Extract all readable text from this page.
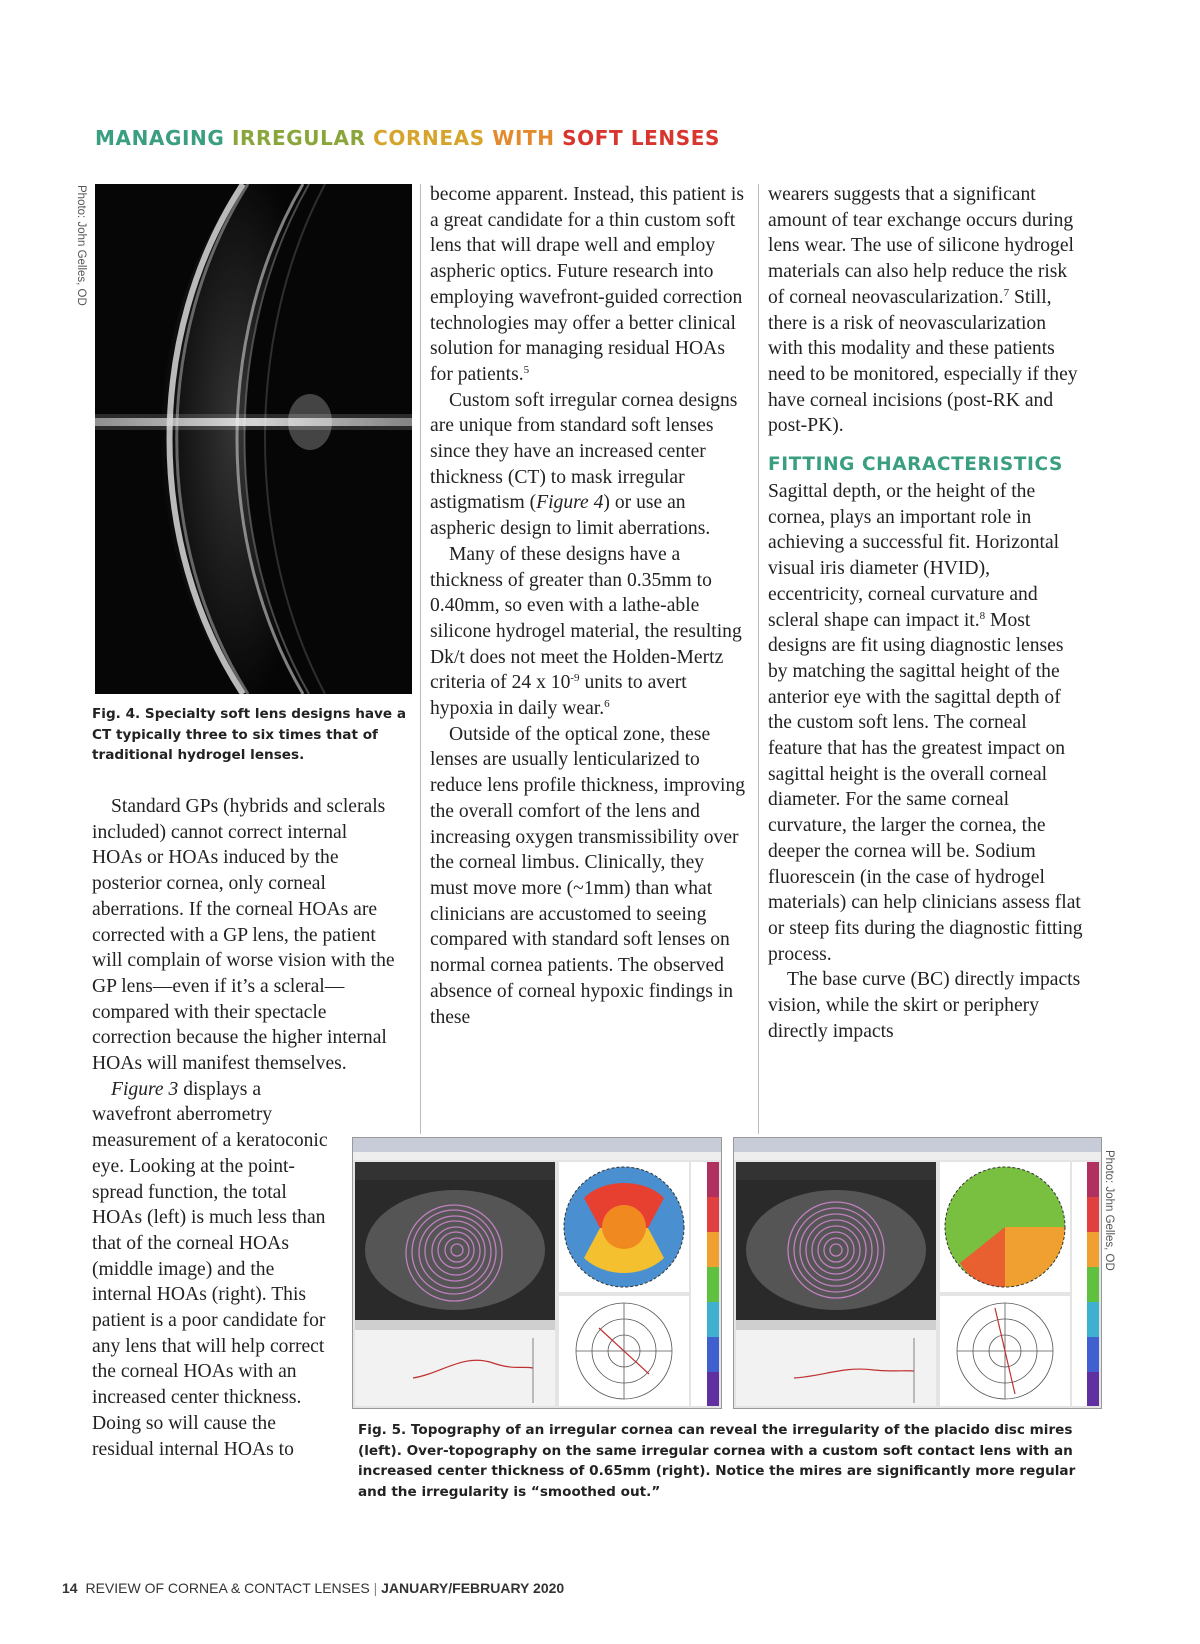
MANAGING IRREGULAR CORNEAS WITH SOFT LENSES
Photo: John Gelles, OD
Photo: John Gelles, OD

Fig. 4. Specialty soft lens designs have a CT typically three to six times that of traditional hydrogel lenses.

Standard GPs (hybrids and sclerals included) cannot correct internal HOAs or HOAs induced by the posterior cornea, only corneal aberrations. If the corneal HOAs are corrected with a GP lens, the patient will complain of worse vision with the GP lens—even if it’s a scleral—compared with their spectacle correction because the higher internal HOAs will manifest themselves.

Figure 3 displays a wavefront aberrometry measurement of a keratoconic eye. Looking at the point-spread function, the total HOAs (left) is much less than that of the corneal HOAs (middle image) and the internal HOAs (right). This patient is a poor candidate for any lens that will help correct the corneal HOAs with an increased center thickness. Doing so will cause the residual internal HOAs to

become apparent. Instead, this patient is a great candidate for a thin custom soft lens that will drape well and employ aspheric optics. Future research into employing wavefront-guided correction technologies may offer a better clinical solution for managing residual HOAs for patients.$^5$

Custom soft irregular cornea designs are unique from standard soft lenses since they have an increased center thickness (CT) to mask irregular astigmatism (Figure 4) or use an aspheric design to limit aberrations.

Many of these designs have a thickness of greater than 0.35mm to 0.40mm, so even with a lathe-able silicone hydrogel material, the resulting Dk/t does not meet the Holden-Mertz criteria of 24 x $10^{-9}$ units to avert hypoxia in daily wear.$^6$

Outside of the optical zone, these lenses are usually lenticularized to reduce lens profile thickness, improving the overall comfort of the lens and increasing oxygen transmissibility over the corneal limbus. Clinically, they must move more (~1mm) than what clinicians are accustomed to seeing compared with standard soft lenses on normal cornea patients. The observed absence of corneal hypoxic findings in these

wearers suggests that a significant amount of tear exchange occurs during lens wear. The use of silicone hydrogel materials can also help reduce the risk of corneal neovascularization.$^7$ Still, there is a risk of neovascularization with this modality and these patients need to be monitored, especially if they have corneal incisions (post-RK and post-PK).

FITTING CHARACTERISTICS

Sagittal depth, or the height of the cornea, plays an important role in achieving a successful fit. Horizontal visual iris diameter (HVID), eccentricity, corneal curvature and scleral shape can impact it.$^8$ Most designs are fit using diagnostic lenses by matching the sagittal height of the anterior eye with the sagittal depth of the custom soft lens. The corneal feature that has the greatest impact on sagittal height is the overall corneal diameter. For the same corneal curvature, the larger the cornea, the deeper the cornea will be. Sodium fluorescein (in the case of hydrogel materials) can help clinicians assess flat or steep fits during the diagnostic fitting process.

The base curve (BC) directly impacts vision, while the skirt or periphery directly impacts

Fig. 5. Topography of an irregular cornea can reveal the irregularity of the placido disc mires (left). Over-topography on the same irregular cornea with a custom soft contact lens with an increased center thickness of 0.65mm (right). Notice the mires are significantly more regular and the irregularity is “smoothed out.”

14 REVIEW OF CORNEA & CONTACT LENSES | JANUARY/FEBRUARY 2020
